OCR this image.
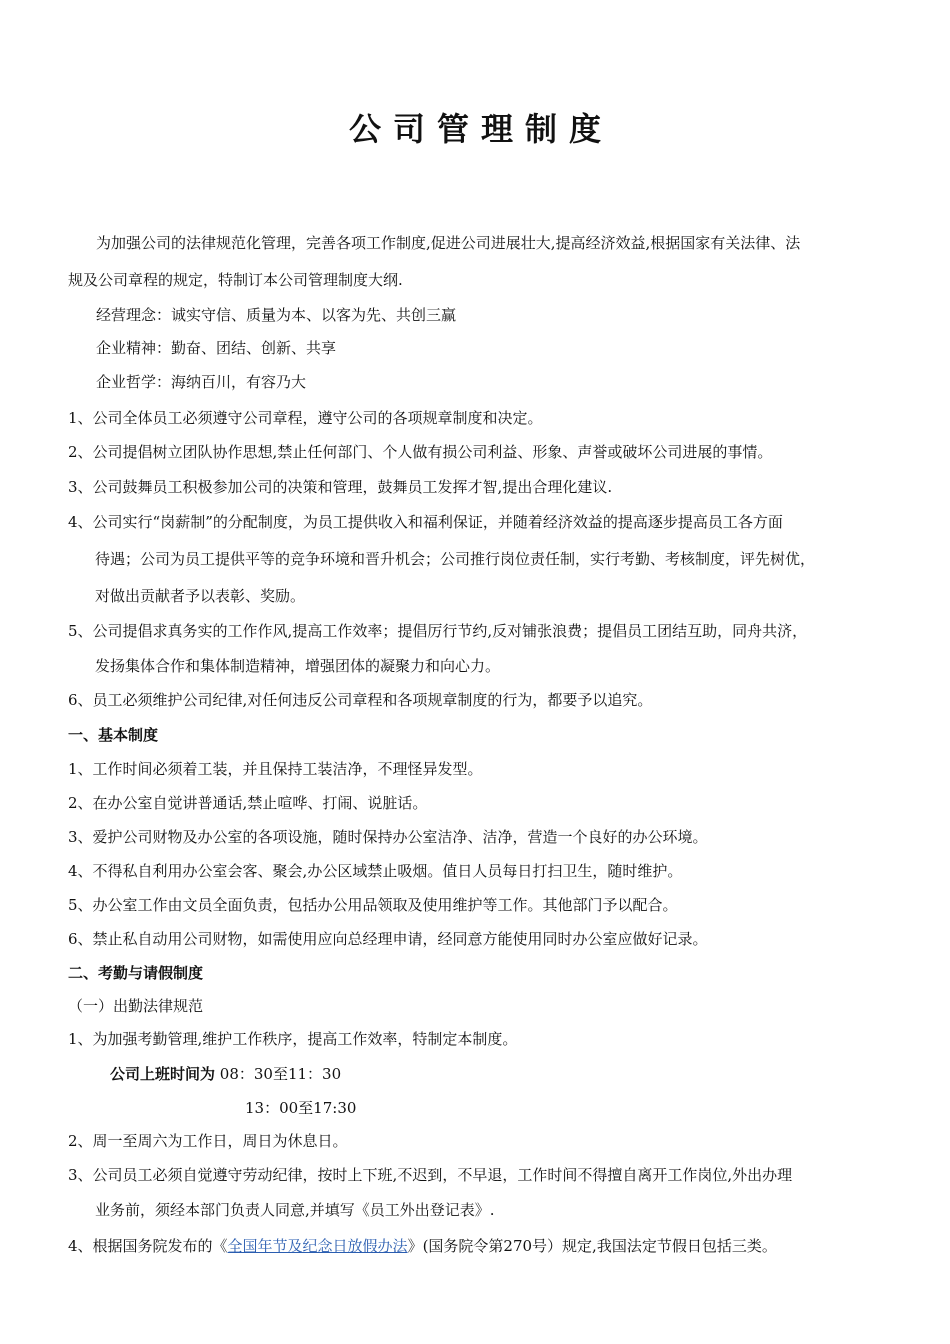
公司管理制度
为加强公司的法律规范化管理，完善各项工作制度,促进公司进展壮大,提高经济效益,根据国家有关法律、法
规及公司章程的规定，特制订本公司管理制度大纲.
经营理念：诚实守信、质量为本、以客为先、共创三赢
企业精神：勤奋、团结、创新、共享
企业哲学：海纳百川，有容乃大
1、公司全体员工必须遵守公司章程，遵守公司的各项规章制度和决定。
2、公司提倡树立团队协作思想,禁止任何部门、个人做有损公司利益、形象、声誉或破坏公司进展的事情。
3、公司鼓舞员工积极参加公司的决策和管理，鼓舞员工发挥才智,提出合理化建议.
4、公司实行“岗薪制”的分配制度，为员工提供收入和福利保证，并随着经济效益的提高逐步提高员工各方面
待遇；公司为员工提供平等的竞争环境和晋升机会；公司推行岗位责任制，实行考勤、考核制度，评先树优，
对做出贡献者予以表彰、奖励。
5、公司提倡求真务实的工作作风,提高工作效率；提倡厉行节约,反对铺张浪费；提倡员工团结互助，同舟共济，
发扬集体合作和集体制造精神，增强团体的凝聚力和向心力。
6、员工必须维护公司纪律,对任何违反公司章程和各项规章制度的行为，都要予以追究。
一、基本制度
1、工作时间必须着工装，并且保持工装洁净，不理怪异发型。
2、在办公室自觉讲普通话,禁止喧哗、打闹、说脏话。
3、爱护公司财物及办公室的各项设施，随时保持办公室洁净、洁净，营造一个良好的办公环境。
4、不得私自利用办公室会客、聚会,办公区域禁止吸烟。值日人员每日打扫卫生，随时维护。
5、办公室工作由文员全面负责，包括办公用品领取及使用维护等工作。其他部门予以配合。
6、禁止私自动用公司财物，如需使用应向总经理申请，经同意方能使用同时办公室应做好记录。
二、考勤与请假制度
（一）出勤法律规范
1、为加强考勤管理,维护工作秩序，提高工作效率，特制定本制度。
公司上班时间为 08：30至11：30
13：00至17:30
2、周一至周六为工作日，周日为休息日。
3、公司员工必须自觉遵守劳动纪律，按时上下班,不迟到，不早退，工作时间不得擅自离开工作岗位,外出办理
业务前，须经本部门负责人同意,并填写《员工外出登记表》.
4、根据国务院发布的《全国年节及纪念日放假办法》(国务院令第270号）规定,我国法定节假日包括三类。
